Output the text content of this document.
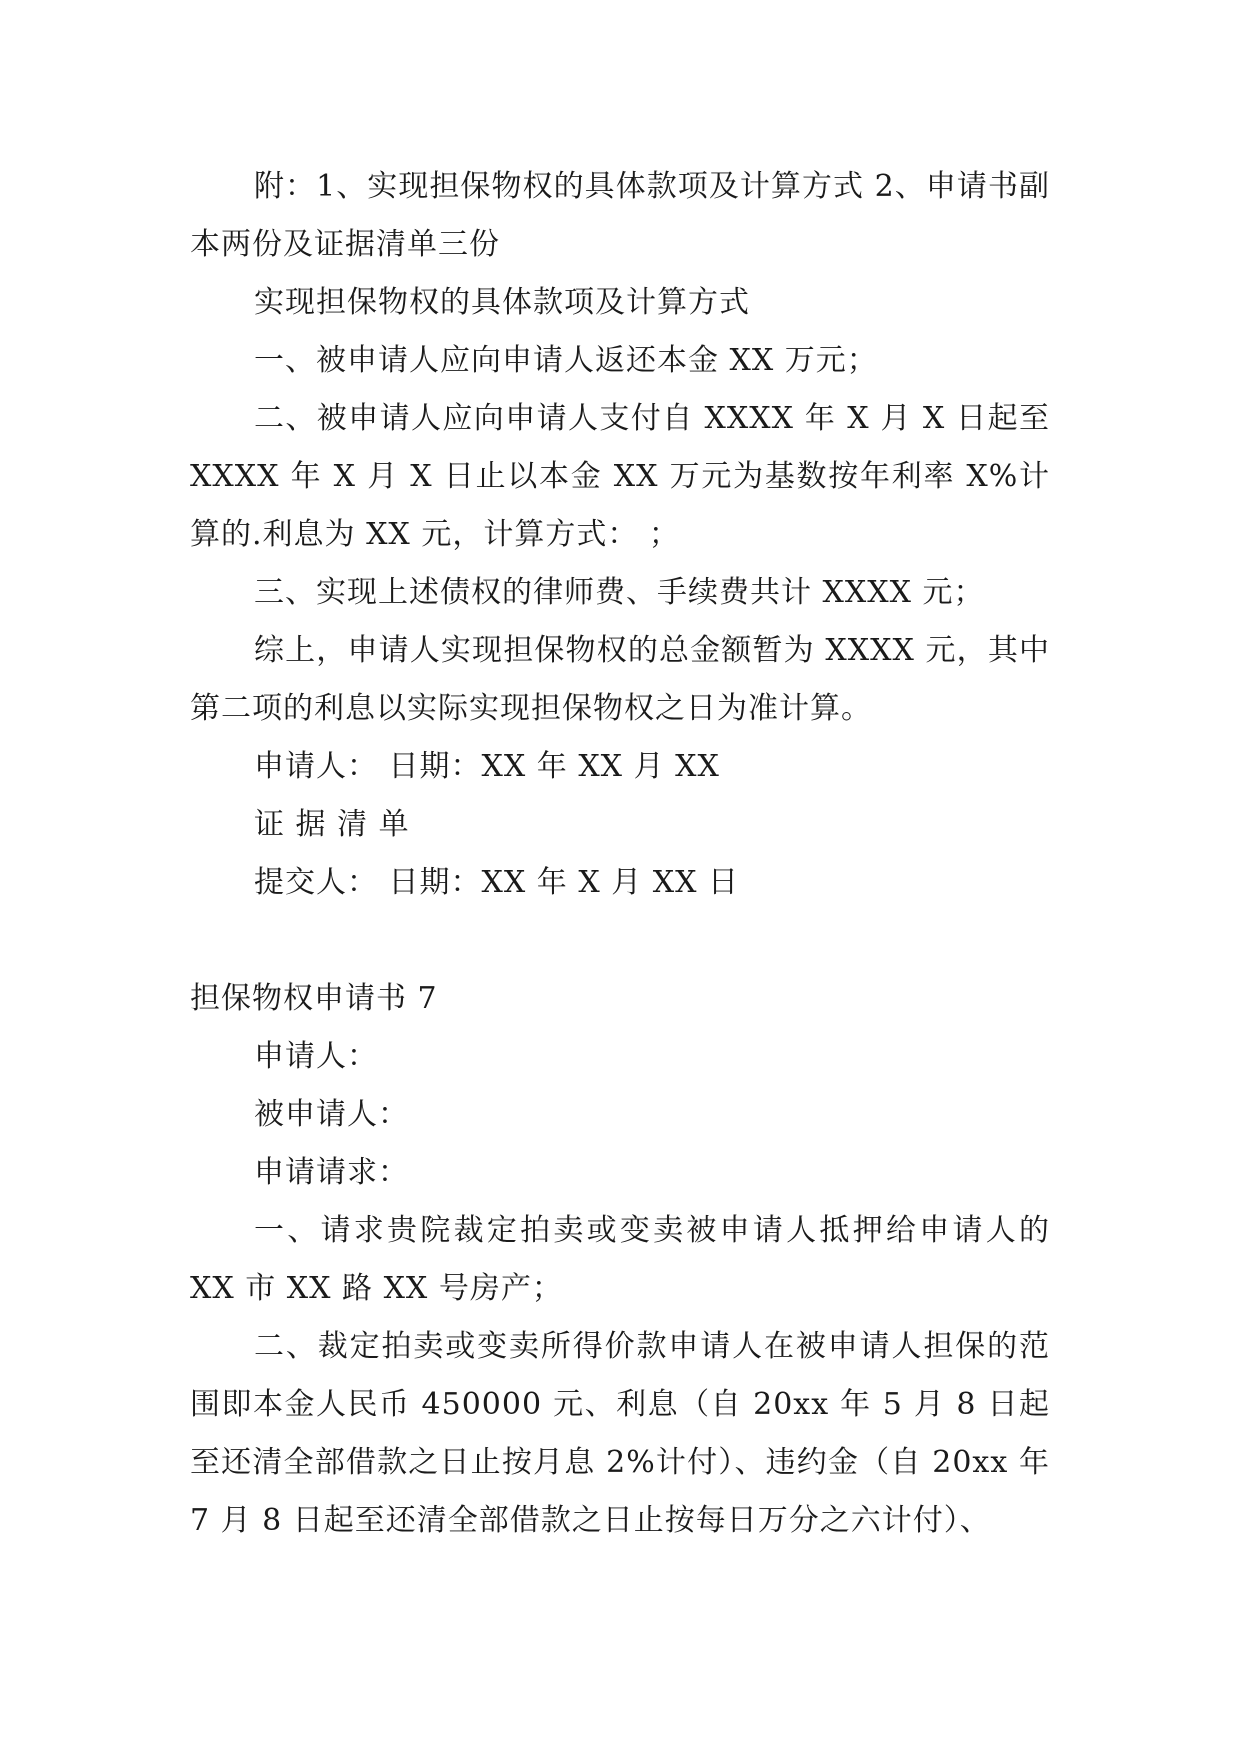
附：1、实现担保物权的具体款项及计算方式 2、申请书副本两份及证据清单三份

实现担保物权的具体款项及计算方式

一、被申请人应向申请人返还本金 XX 万元；

二、被申请人应向申请人支付自 XXXX 年 X 月 X 日起至 XXXX 年 X 月 X 日止以本金 XX 万元为基数按年利率 X%计算的.利息为 XX 元，计算方式： ；

三、实现上述债权的律师费、手续费共计 XXXX 元；

综上，申请人实现担保物权的总金额暂为 XXXX 元，其中第二项的利息以实际实现担保物权之日为准计算。

申请人： 日期：XX 年 XX 月 XX

证 据 清 单

提交人： 日期：XX 年 X 月 XX 日

担保物权申请书 7

申请人：

被申请人：

申请请求：

一、请求贵院裁定拍卖或变卖被申请人抵押给申请人的 XX 市 XX 路 XX 号房产；

二、裁定拍卖或变卖所得价款申请人在被申请人担保的范围即本金人民币 450000 元、利息（自 20xx 年 5 月 8 日起至还清全部借款之日止按月息 2%计付）、违约金（自 20xx 年 7 月 8 日起至还清全部借款之日止按每日万分之六计付）、
